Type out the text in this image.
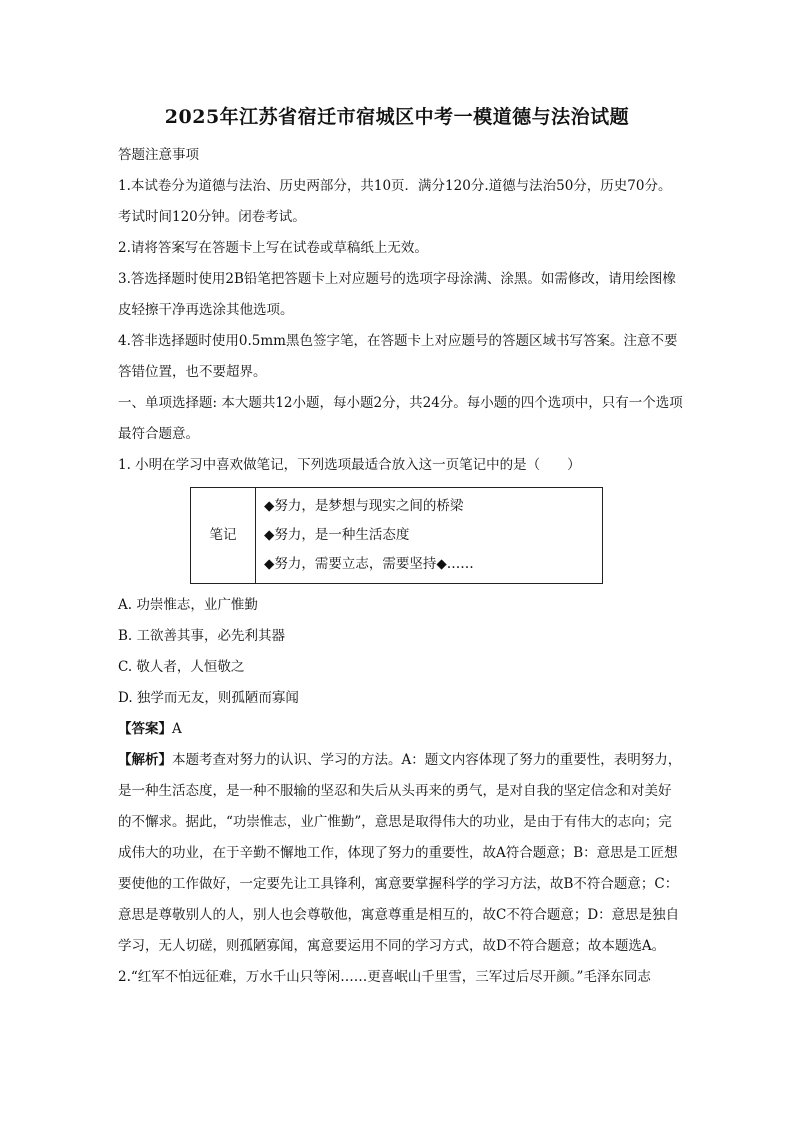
2025年江苏省宿迁市宿城区中考一模道德与法治试题

答题注意事项

1.本试卷分为道德与法治、历史两部分，共10页．满分120分.道德与法治50分，历史70分。考试时间120分钟。闭卷考试。

2.请将答案写在答题卡上写在试卷或草稿纸上无效。

3.答选择题时使用2B铅笔把答题卡上对应题号的选项字母涂满、涂黑。如需修改，请用绘图橡皮轻擦干净再选涂其他选项。

4.答非选择题时使用0.5mm黑色签字笔，在答题卡上对应题号的答题区域书写答案。注意不要答错位置，也不要超界。

一、单项选择题: 本大题共12小题，每小题2分，共24分。每小题的四个选项中，只有一个选项最符合题意。

1. 小明在学习中喜欢做笔记，下列选项最适合放入这一页笔记中的是（　　）

笔记	
◆努力，是梦想与现实之间的桥梁
◆努力，是一种生活态度
◆努力，需要立志，需要坚持◆……

A. 功崇惟志，业广惟勤

B. 工欲善其事，必先利其器

C. 敬人者，人恒敬之

D. 独学而无友，则孤陋而寡闻

【答案】A

【解析】本题考查对努力的认识、学习的方法。A：题文内容体现了努力的重要性，表明努力，是一种生活态度，是一种不服输的坚忍和失后从头再来的勇气，是对自我的坚定信念和对美好的不懈求。据此，“功崇惟志，业广惟勤”，意思是取得伟大的功业，是由于有伟大的志向；完成伟大的功业，在于辛勤不懈地工作，体现了努力的重要性，故A符合题意；B：意思是工匠想要使他的工作做好，一定要先让工具锋利，寓意要掌握科学的学习方法，故B不符合题意；C：意思是尊敬别人的人，别人也会尊敬他，寓意尊重是相互的，故C不符合题意；D：意思是独自学习，无人切磋，则孤陋寡闻，寓意要运用不同的学习方式，故D不符合题意；故本题选A。

2.“红军不怕远征难，万水千山只等闲……更喜岷山千里雪，三军过后尽开颜。”毛泽东同志
